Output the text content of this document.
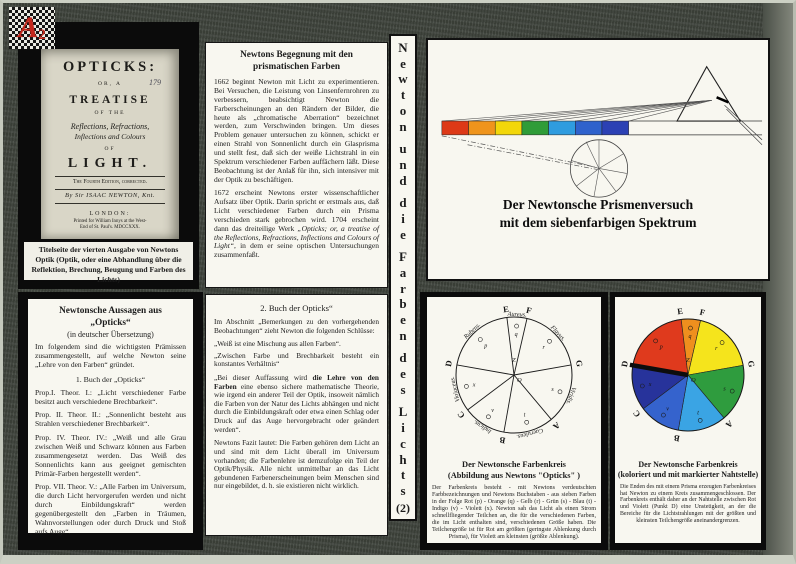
A 2
OPTICKS:
OR, A	179
TREATISE
OF THE
Reflections, Refractions,
Inflections and Colours
OF
LIGHT.
The Fourth Edition, corrected.
By Sir ISAAC NEWTON, Knt.
LONDON:
Printed for William Innys at the West-
End of St. Paul's. MDCCXXX.
Titelseite der vierten Ausgabe von Newtons Optik (Optik, oder eine Abhandlung über die Reflektion, Brechung, Beugung und Farben des Lichts)
Newtons Begegnung mit den prismatischen Farben

1662 beginnt Newton mit Licht zu experimentieren. Bei Versuchen, die Leistung von Linsenfernrohren zu verbessern, beabsichtigt Newton die Farberscheinungen an den Rändern der Bilder, die heute als „chromatische Aberration“ bezeichnet werden, zum Verschwinden bringen. Um dieses Problem genauer untersuchen zu können, schickt er einen Strahl von Sonnenlicht durch ein Glasprisma und stellt fest, daß sich der weiße Lichtstrahl in ein Spektrum verschiedener Farben auffächern läßt. Diese Beobachtung ist der Anlaß für ihn, sich intensiver mit der Optik zu beschäftigen.

1672 erscheint Newtons erster wissenschaftlicher Aufsatz über Optik. Darin spricht er erstmals aus, daß Licht verschiedener Farben durch ein Prisma verschieden stark gebrochen wird. 1704 erscheint dann das dreiteilige Werk „Opticks; or, a treatise of the Reflections, Refractions, Inflections and Colours of Light“, in dem er seine optischen Untersuchungen zusammenfaßt.

N
e
w
t
o
n
u
n
d
d
i
e
F
a
r
b
e
n
d
e
s
L
i
c
h
t
s
(2)
Der Newtonsche Prismenversuch
mit dem siebenfarbigen Spektrum
Newtonsche Aussagen aus „Opticks“
(in deutscher Übersetzung)

Im folgendem sind die wichtigsten Prämissen zusammengestellt, auf welche Newton seine „Lehre von den Farben“ gründet.

1. Buch der „Opticks“

Prop.I. Theor. I.: „Licht verschiedener Farbe besitzt auch verschiedene Brechbarkeit“.

Prop. II. Theor. II.: „Sonnenlicht besteht aus Strahlen verschiedener Brechbarkeit“.

Prop. IV. Theor. IV.: „Weiß und alle Grau zwischen Weiß und Schwarz können aus Farben zusammengesetzt werden. Das Weiß des Sonnenlichts kann aus geeignet gemischten Primär-Farben hergestellt werden“.

Prop. VII. Theor. V.: „Alle Farben im Universum, die durch Licht hervorgerufen werden und nicht durch Einbildungskraft“ werden gegenübergestellt den „Farben in Träumen, Wahnvorstellungen oder durch Druck und Stoß aufs Auge“.

2. Buch der Opticks“

Im Abschnitt „Bemerkungen zu den vorhergehenden Beobachtungen“ zieht Newton die folgenden Schlüsse:

„Weiß ist eine Mischung aus allen Farben“.

„Zwischen Farbe und Brechbarkeit besteht ein konstantes Verhältnis“

„Bei dieser Auffassung wird die Lehre von den Farben eine ebenso sichere mathematische Theorie, wie irgend ein anderer Teil der Optik, insoweit nämlich die Farben von der Natur des Lichts abhängen und nicht durch die Einbildungskraft oder etwa einen Schlag oder Druck auf das Auge hervorgebracht oder geändert werden“.

Newtons Fazit lautet: Die Farben gehören dem Licht an und sind mit dem Licht überall im Universum vorhanden; die Farbenlehre ist demzufolge ein Teil der Optik/Physik. Alle nicht unmittelbar an das Licht gebundenen Farbenerscheinungen beim Menschen sind nur eingebildet, d. h. sie existieren nicht wirklich.

Rubens.
p
Aureus.
q	Flavus.
r
Viridis.
s
Caeruleus.
t
Indicus.
v
Violaceus. x
D
E F
G
A
B
C
O
Z
Der Newtonsche Farbenkreis
(Abbildung aus Newtons "Opticks" )
Der Farbenkreis besteht - mit Newtons verdeutschten Farbbezeichnungen und Newtons Buchstaben - aus sieben Farben in der Folge Rot (p) - Orange (q) - Gelb (r) - Grün (s) - Blau (t) - Indigo (v) - Violett (x). Newton sah das Licht als einen Strom schnellfliegender Teilchen an, die für die verschiedenen Farben, die im Licht enthalten sind, verschiedenen Größe haben. Die Teilchengröße ist für Rot am größten (geringste Ablenkung durch Prisma), für Violett am kleinsten (größte Ablenkung).
p
q
r
s
t
v
x
D
E F
G
A
B
C
O
Z
Der Newtonsche Farbenkreis
(koloriert und mit markierter Nahtstelle)
Die Enden des mit einem Prisma erzeugten Farbenkreises hat Newton zu einem Kreis zusammengeschlossen. Der Farbenkreis enthält daher an der Nahtstelle zwischen Rot und Violett (Punkt D) eine Unstetigkeit, an der die Bereiche für die Lichtstrahlungen mit der größten und kleinsten Teilchengröße aneinandergrenzen.
